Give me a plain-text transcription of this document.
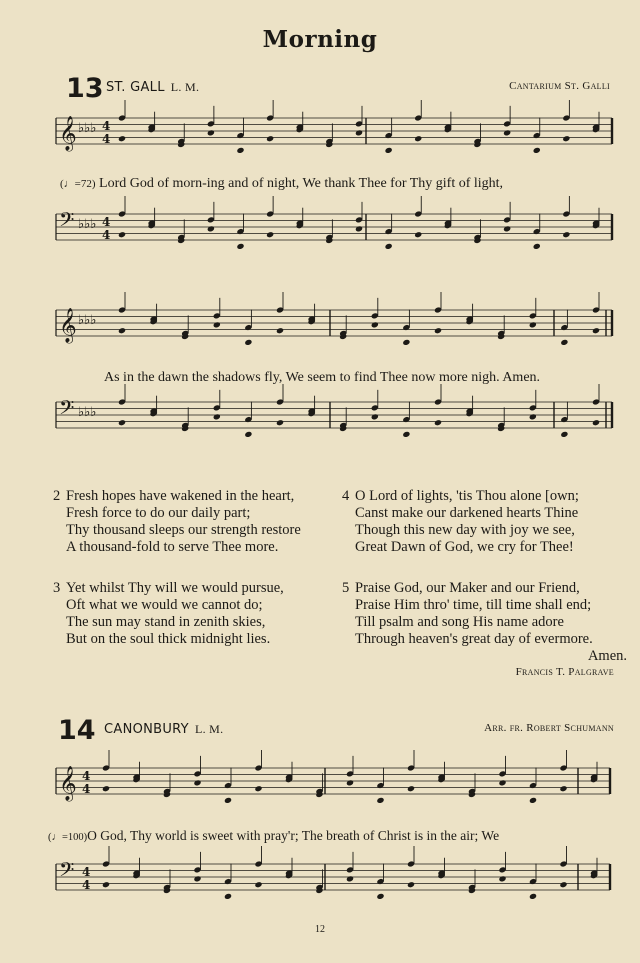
𝄞 ♭♭♭ 4
4
𝄢 ♭♭♭ 4
4
𝄞 ♭♭♭
𝄢 ♭♭♭
𝄞 4
4
𝄢 4
4
Morning
13 ST. GALL L. M.	Cantarium St. Galli
(♩=72) Lord God of morn-ing and of night, We thank Thee for Thy gift of light,
As in the dawn the shadows fly, We seem to find Thee now more nigh. Amen.
2 Fresh hopes have wakened in the heart,
Fresh force to do our daily part;
Thy thousand sleeps our strength restore
A thousand-fold to serve Thee more.
3 Yet whilst Thy will we would pursue,
Oft what we would we cannot do;
The sun may stand in zenith skies,
But on the soul thick midnight lies.
4 O Lord of lights, 'tis Thou alone [own;
Canst make our darkened hearts Thine
Though this new day with joy we see,
Great Dawn of God, we cry for Thee!
5 Praise God, our Maker and our Friend,
Praise Him thro' time, till time shall end;
Till psalm and song His name adore
Through heaven's great day of evermore.
Amen.
Francis T. Palgrave
14 CANONBURY L. M.	Arr. fr. Robert Schumann
(♩=100)O God, Thy world is sweet with pray'r; The breath of Christ is in the air; We
12
